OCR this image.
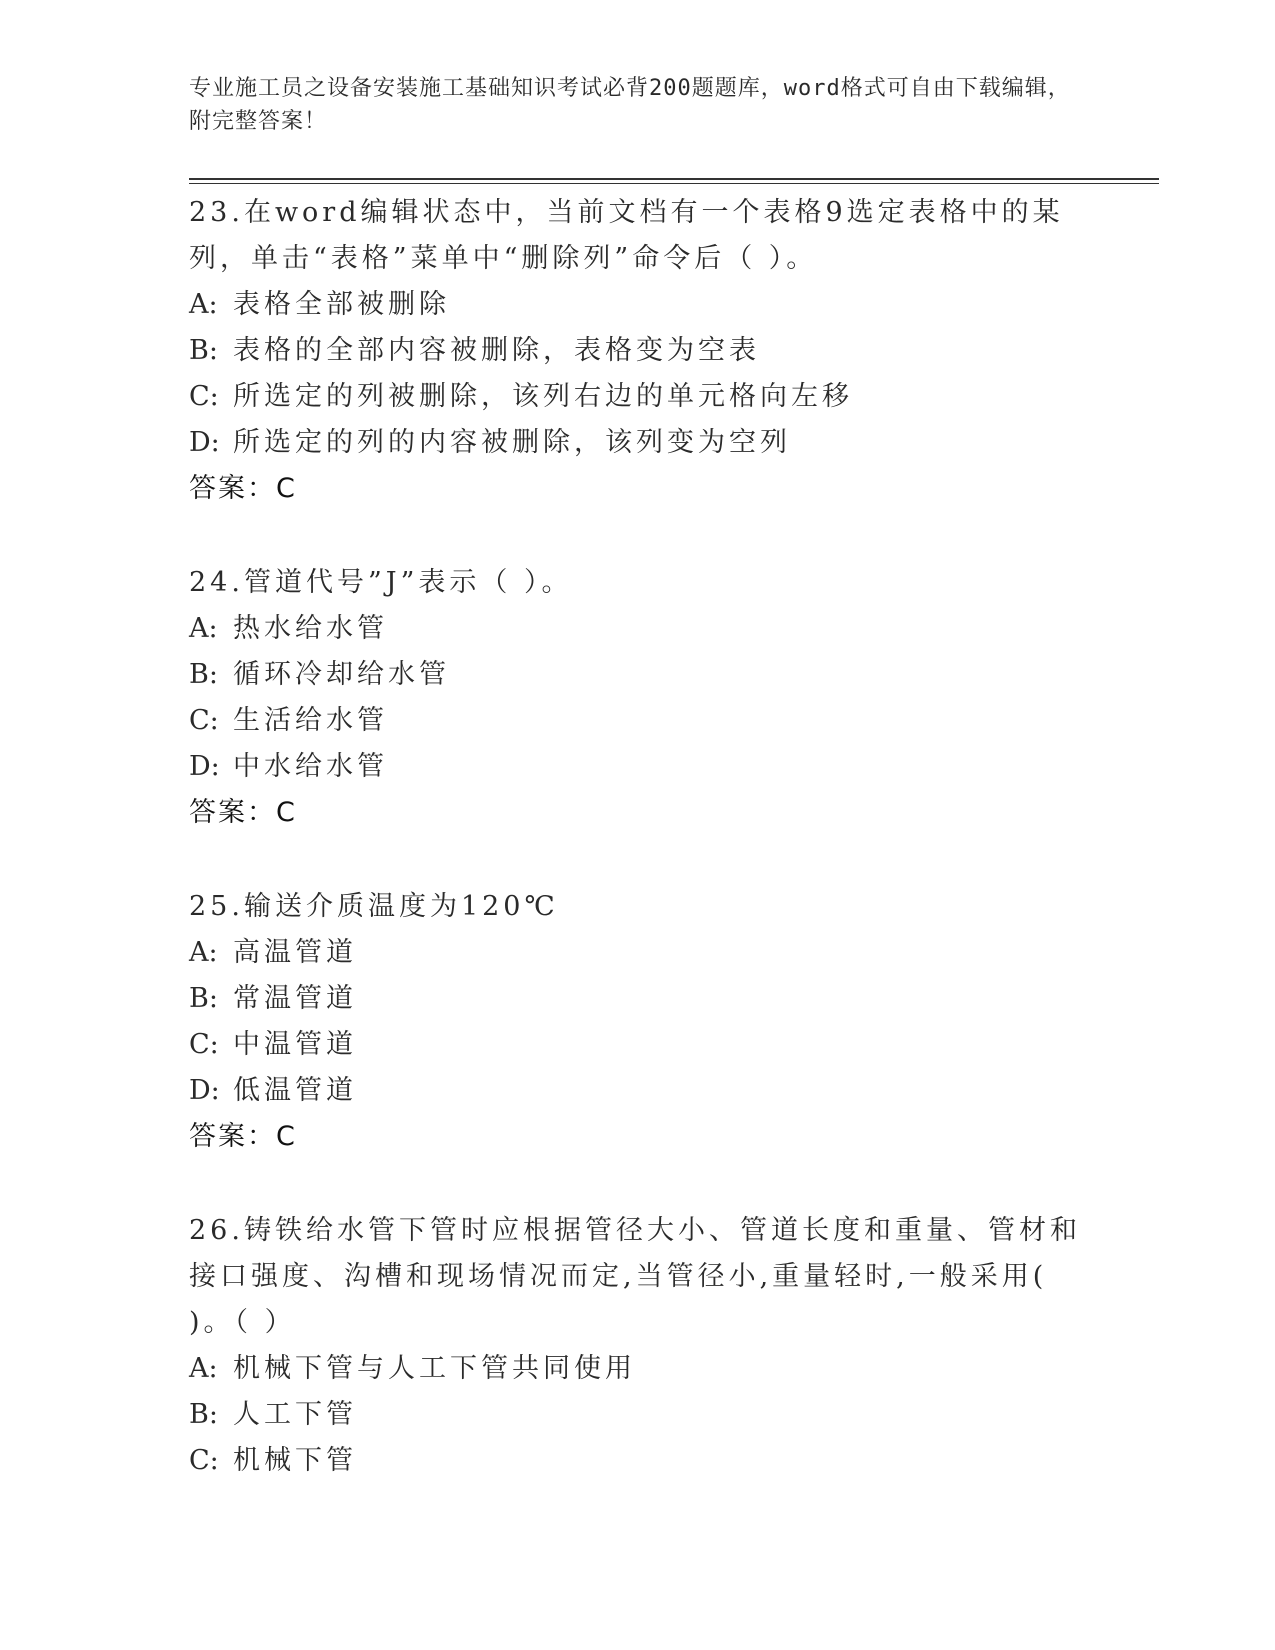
专业施工员之设备安装施工基础知识考试必背200题题库，word格式可自由下载编辑，附完整答案！
23.在word编辑状态中，当前文档有一个表格9选定表格中的某列，单击“表格”菜单中“删除列”命令后（ ）。
A: 表格全部被删除
B: 表格的全部内容被删除，表格变为空表
C: 所选定的列被删除，该列右边的单元格向左移
D: 所选定的列的内容被删除，该列变为空列
答案：C
24.管道代号”J”表示（ ）。
A: 热水给水管
B: 循环冷却给水管
C: 生活给水管
D: 中水给水管
答案：C
25.输送介质温度为120℃
A: 高温管道
B: 常温管道
C: 中温管道
D: 低温管道
答案：C
26.铸铁给水管下管时应根据管径大小、管道长度和重量、管材和接口强度、沟槽和现场情况而定,当管径小,重量轻时,一般采用( )。（ ）
A: 机械下管与人工下管共同使用
B: 人工下管
C: 机械下管
